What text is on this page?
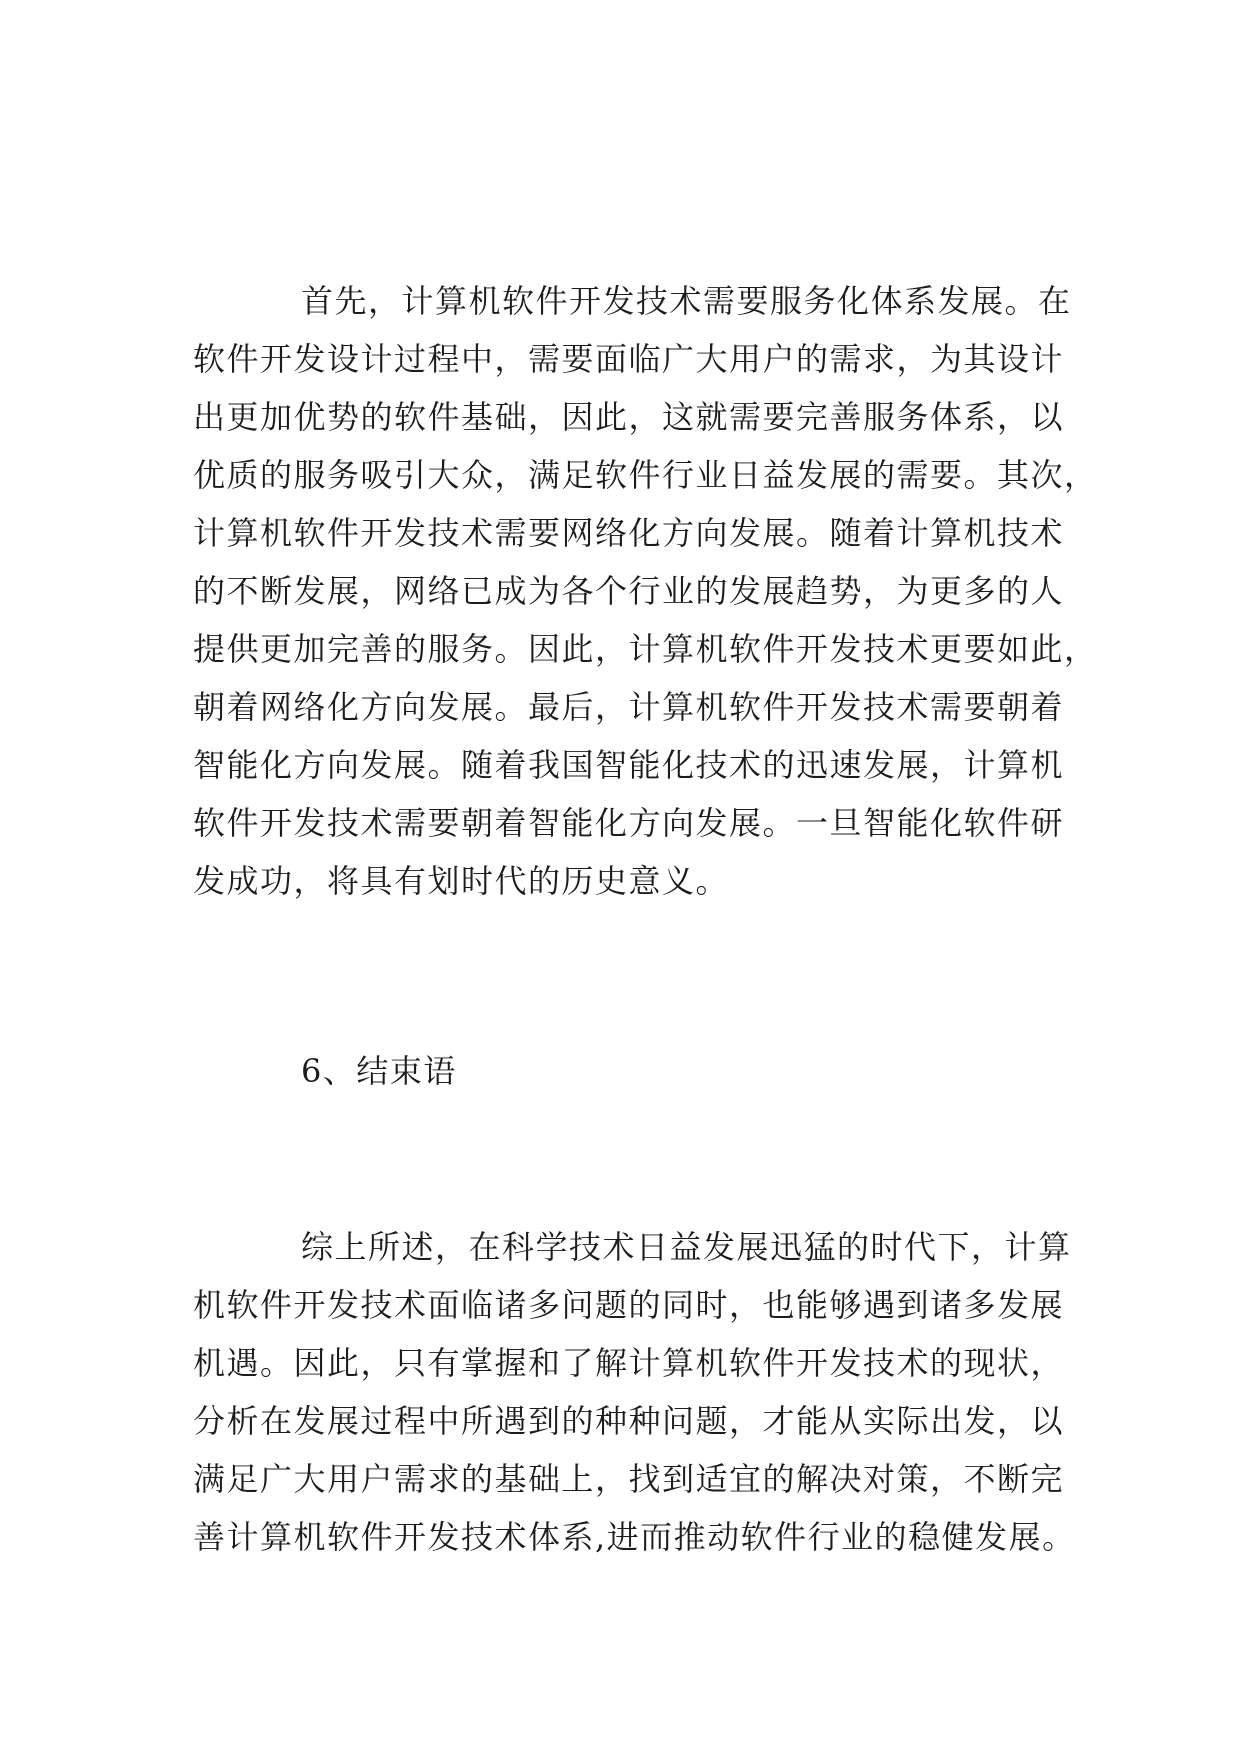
首先，计算机软件开发技术需要服务化体系发展。在
软件开发设计过程中，需要面临广大用户的需求，为其设计
出更加优势的软件基础，因此，这就需要完善服务体系，以
优质的服务吸引大众，满足软件行业日益发展的需要。其次，
计算机软件开发技术需要网络化方向发展。随着计算机技术
的不断发展，网络已成为各个行业的发展趋势，为更多的人
提供更加完善的服务。因此，计算机软件开发技术更要如此，
朝着网络化方向发展。最后，计算机软件开发技术需要朝着
智能化方向发展。随着我国智能化技术的迅速发展，计算机
软件开发技术需要朝着智能化方向发展。一旦智能化软件研
发成功，将具有划时代的历史意义。
6、结束语
综上所述，在科学技术日益发展迅猛的时代下，计算
机软件开发技术面临诸多问题的同时，也能够遇到诸多发展
机遇。因此，只有掌握和了解计算机软件开发技术的现状，
分析在发展过程中所遇到的种种问题，才能从实际出发，以
满足广大用户需求的基础上，找到适宜的解决对策，不断完
善计算机软件开发技术体系,进而推动软件行业的稳健发展。
